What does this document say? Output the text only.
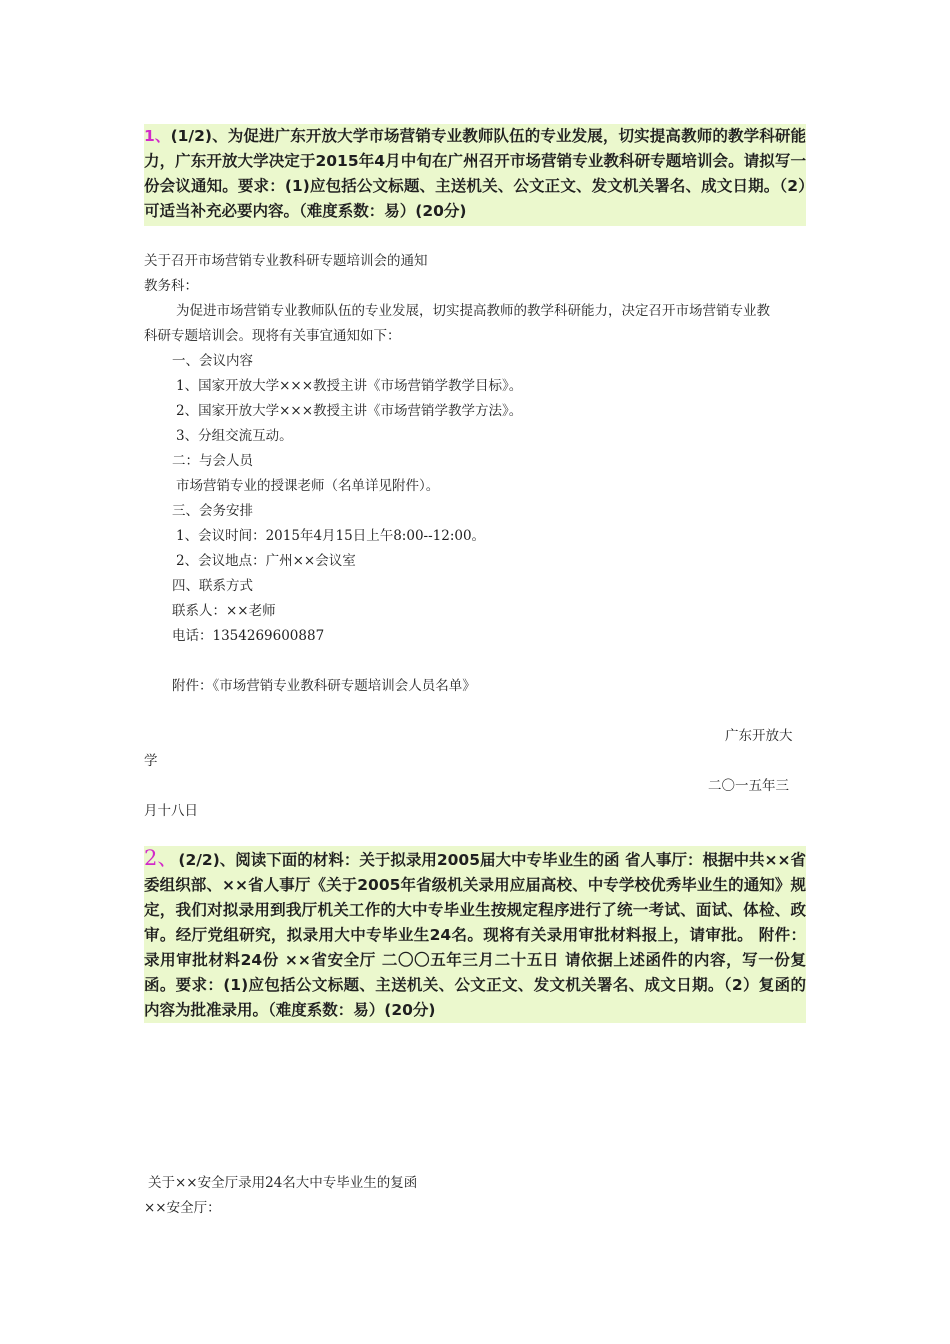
1、(1/2)、为促进广东开放大学市场营销专业教师队伍的专业发展，切实提高教师的教学科研能力，广东开放大学决定于2015年4月中旬在广州召开市场营销专业教科研专题培训会。请拟写一份会议通知。要求：(1)应包括公文标题、主送机关、公文正文、发文机关署名、成文日期。（2）可适当补充必要内容。（难度系数：易）(20分)
关于召开市场营销专业教科研专题培训会的通知
教务科：
为促进市场营销专业教师队伍的专业发展，切实提高教师的教学科研能力，决定召开市场营销专业教
科研专题培训会。现将有关事宜通知如下：
一、会议内容
1、国家开放大学×××教授主讲《市场营销学教学目标》。
2、国家开放大学×××教授主讲《市场营销学教学方法》。
3、分组交流互动。
二：与会人员
市场营销专业的授课老师（名单详见附件）。
三、会务安排
1、会议时间：2015年4月15日上午8:00--12:00。
2、会议地点：广州××会议室
四、联系方式
联系人：××老师
电话：1354269600887
附件：《市场营销专业教科研专题培训会人员名单》
广东开放大
学
二〇一五年三
月十八日
2、(2/2)、阅读下面的材料：关于拟录用2005届大中专毕业生的函 省人事厅：根据中共××省委组织部、××省人事厅《关于2005年省级机关录用应届高校、中专学校优秀毕业生的通知》规定，我们对拟录用到我厅机关工作的大中专毕业生按规定程序进行了统一考试、面试、体检、政审。经厅党组研究，拟录用大中专毕业生24名。现将有关录用审批材料报上，请审批。 附件：录用审批材料24份 ××省安全厅 二〇〇五年三月二十五日 请依据上述函件的内容，写一份复函。要求：(1)应包括公文标题、主送机关、公文正文、发文机关署名、成文日期。（2）复函的内容为批准录用。（难度系数：易）(20分)
关于××安全厅录用24名大中专毕业生的复函
××安全厅：
